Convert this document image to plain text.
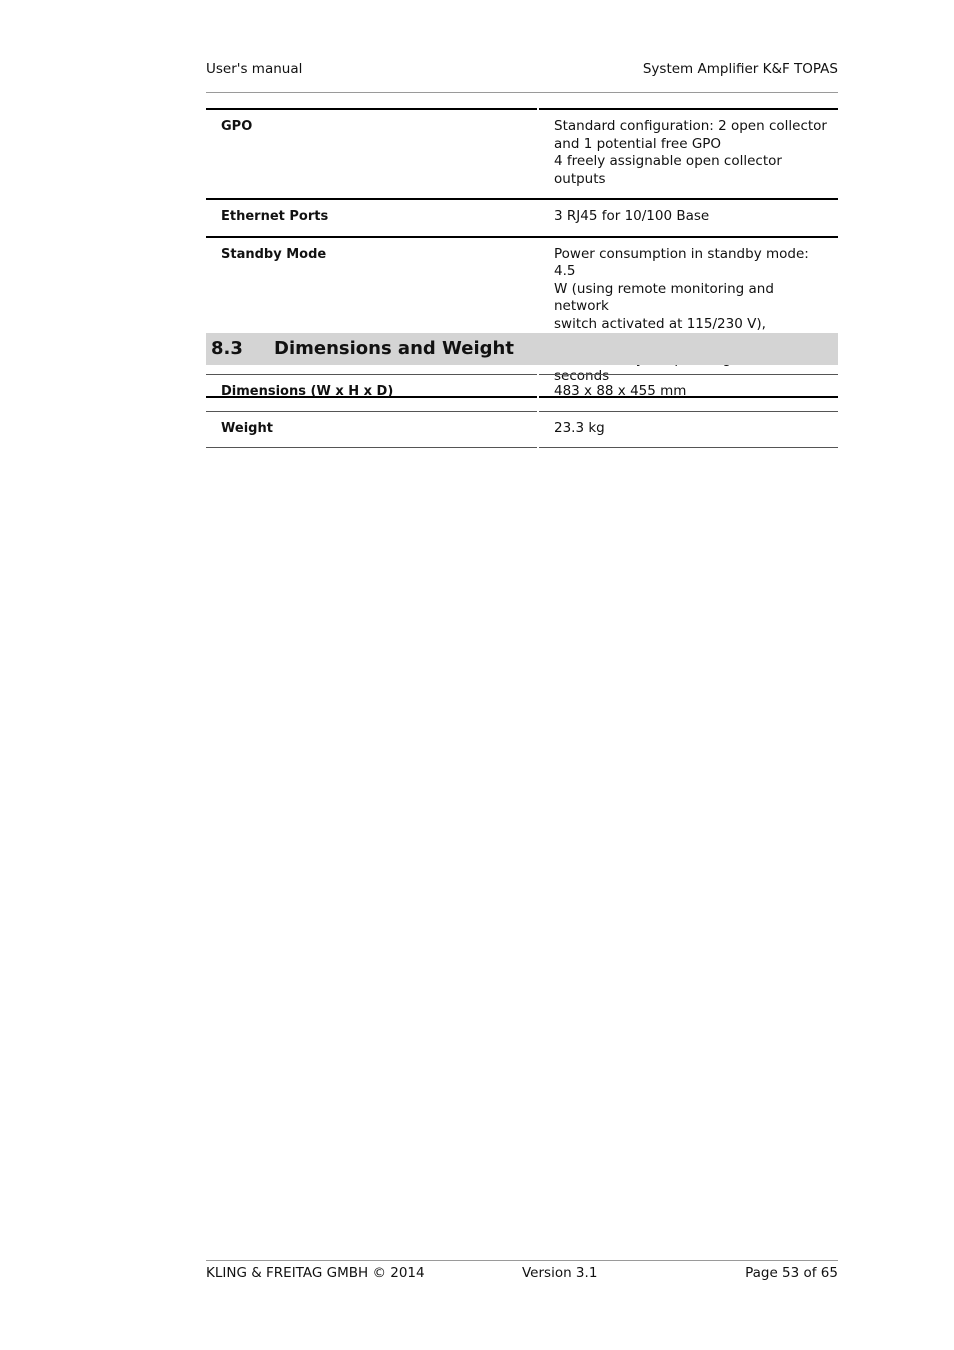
User's manual	System Amplifier K&F TOPAS
GPO	Standard configuration: 2 open collector
and 1 potential free GPO
4 freely assignable open collector outputs

Ethernet Ports	3 RJ45 for 10/100 Base

Standby Mode	Power consumption in standby mode: 4.5
W (using remote monitoring and network
switch activated at 115/230 V),
seconds
8.3 Dimensions and Weight
Dimensions (W x H x D)	483 x 88 x 455 mm
Weight	23.3 kg
KLING & FREITAG GMBH © 2014	Version 3.1	Page 53 of 65
